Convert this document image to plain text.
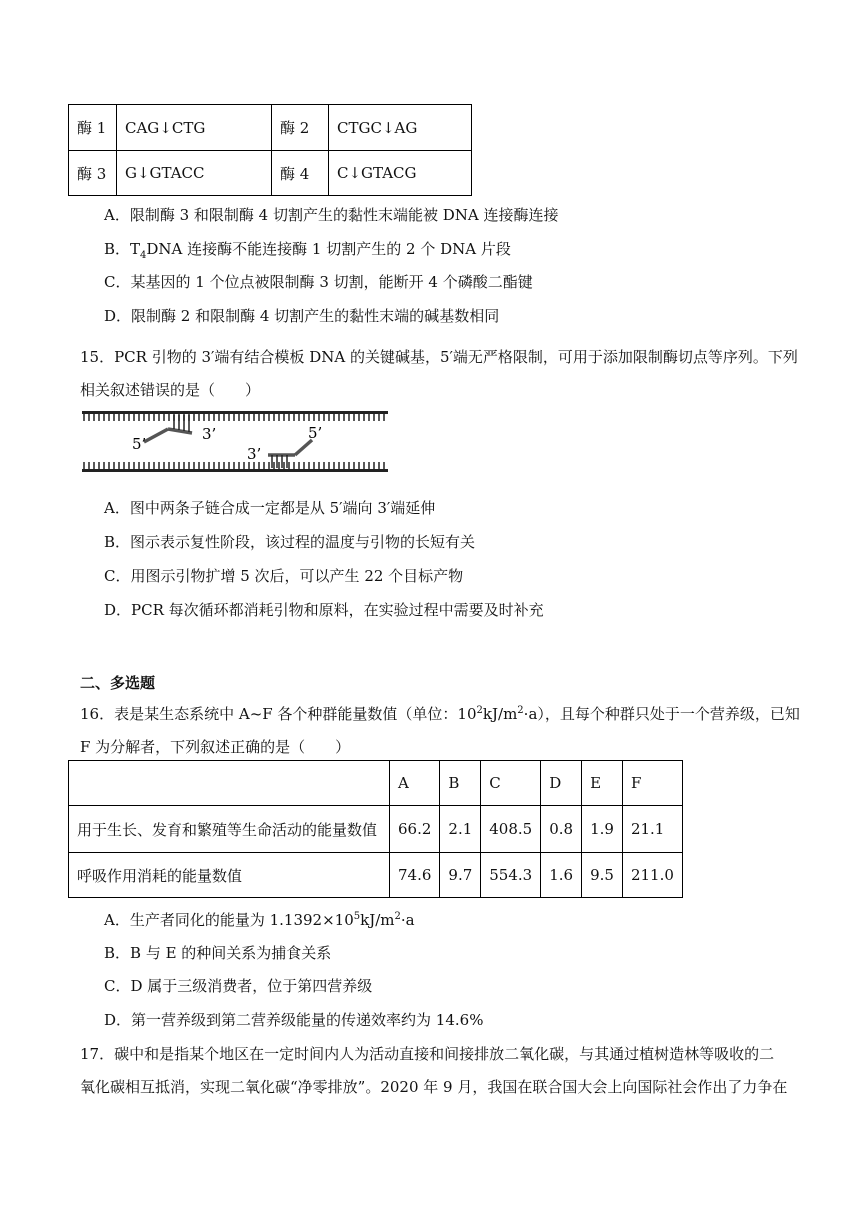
酶 1	CAG↓CTG	酶 2	CTGC↓AG
酶 3	G↓GTACC	酶 4	C↓GTACG
A．限制酶 3 和限制酶 4 切割产生的黏性末端能被 DNA 连接酶连接
B．$T_4DNA$ 连接酶不能连接酶 1 切割产生的 2 个 DNA 片段
C．某基因的 1 个位点被限制酶 3 切割，能断开 4 个磷酸二酯键
D．限制酶 2 和限制酶 4 切割产生的黏性末端的碱基数相同
15．PCR 引物的 3′端有结合模板 DNA 的关键碱基，5′端无严格限制，可用于添加限制酶切点等序列。下列
相关叙述错误的是（　　）
5’
3’
3’
5’
A．图中两条子链合成一定都是从 5′端向 3′端延伸
B．图示表示复性阶段，该过程的温度与引物的长短有关
C．用图示引物扩增 5 次后，可以产生 22 个目标产物
D．PCR 每次循环都消耗引物和原料，在实验过程中需要及时补充
二、多选题
16．表是某生态系统中 A~F 各个种群能量数值（单位：$10^2kJ/m^2\cdot a$），且每个种群只处于一个营养级，已知
F 为分解者，下列叙述正确的是（　　）
	A	B	C	D	E	F
用于生长、发育和繁殖等生命活动的能量数值	66.2	2.1	408.5	0.8	1.9	21.1
呼吸作用消耗的能量数值	74.6	9.7	554.3	1.6	9.5	211.0
A．生产者同化的能量为 $1.1392\times 10^5kJ/m^2\cdot a$
B．B 与 E 的种间关系为捕食关系
C．D 属于三级消费者，位于第四营养级
D．第一营养级到第二营养级能量的传递效率约为 14.6%
17．碳中和是指某个地区在一定时间内人为活动直接和间接排放二氧化碳，与其通过植树造林等吸收的二
氧化碳相互抵消，实现二氧化碳“净零排放”。2020 年 9 月，我国在联合国大会上向国际社会作出了力争在
